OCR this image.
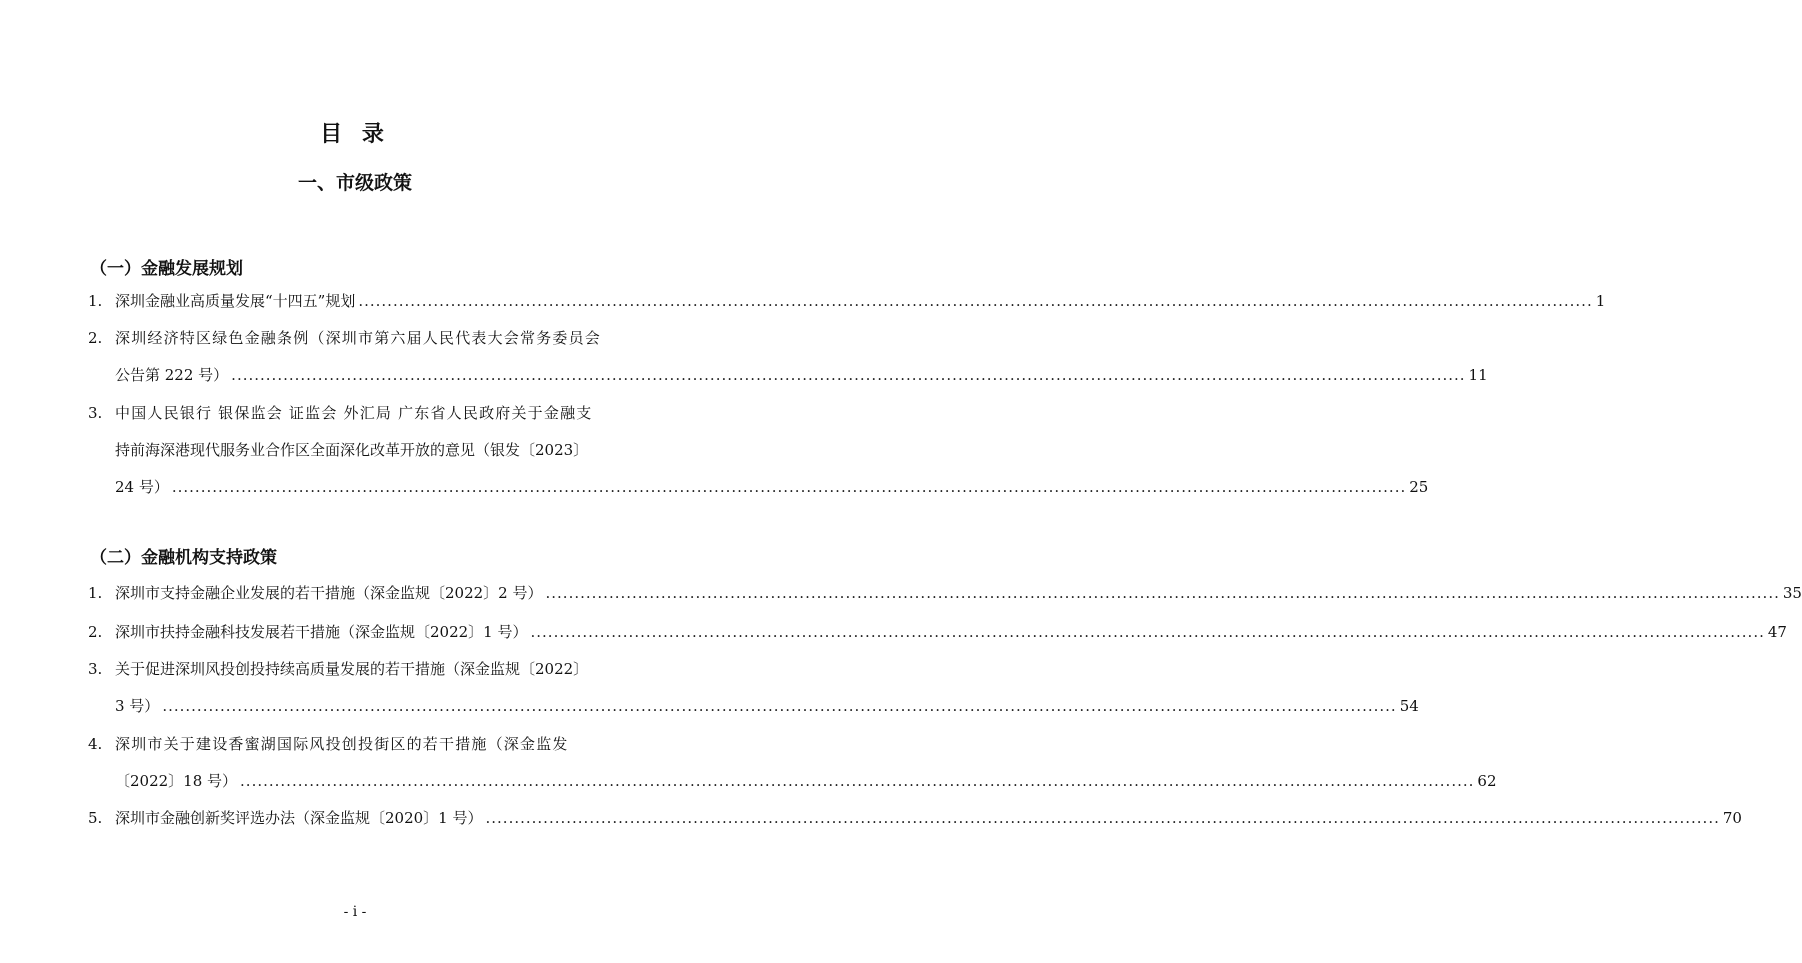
目 录
一、市级政策
（一）金融发展规划
1. 深圳金融业高质量发展“十四五”规划 .....	1
2. 深圳经济特区绿色金融条例（深圳市第六届人民代表大会常务委员会
公告第 222 号） .....	11
3. 中国人民银行 银保监会 证监会 外汇局 广东省人民政府关于金融支
持前海深港现代服务业合作区全面深化改革开放的意见（银发〔2023〕
24 号） .....	25
（二）金融机构支持政策
1. 深圳市支持金融企业发展的若干措施（深金监规〔2022〕2 号） .....	35
2. 深圳市扶持金融科技发展若干措施（深金监规〔2022〕1 号） .....	47
3. 关于促进深圳风投创投持续高质量发展的若干措施（深金监规〔2022〕
3 号） .....	54
4. 深圳市关于建设香蜜湖国际风投创投街区的若干措施（深金监发
〔2022〕18 号） .....	62
5. 深圳市金融创新奖评选办法（深金监规〔2020〕1 号） .....	70
- i -
